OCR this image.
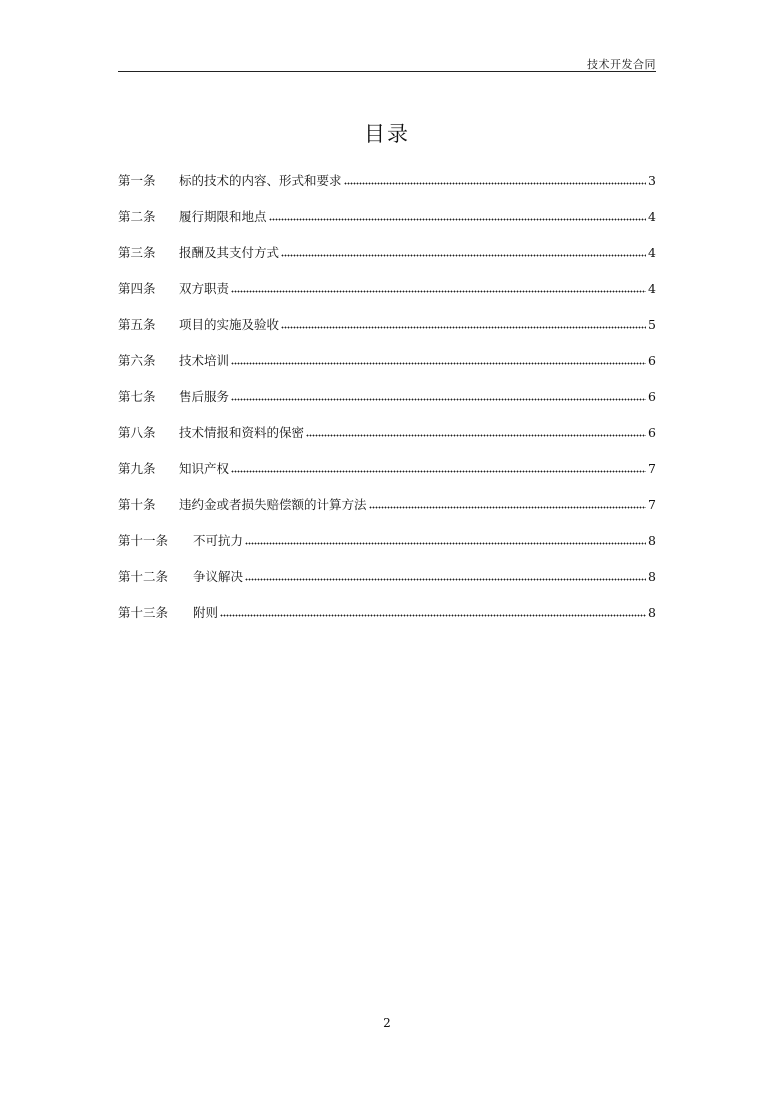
技术开发合同
目录
第一条	标的技术的内容、形式和要求	3
第二条	履行期限和地点	4
第三条	报酬及其支付方式	4
第四条	双方职责	4
第五条	项目的实施及验收	5
第六条	技术培训	6
第七条	售后服务	6
第八条	技术情报和资料的保密	6
第九条	知识产权	7
第十条	违约金或者损失赔偿额的计算方法	7
第十一条	不可抗力	8
第十二条	争议解决	8
第十三条	附则	8
2
